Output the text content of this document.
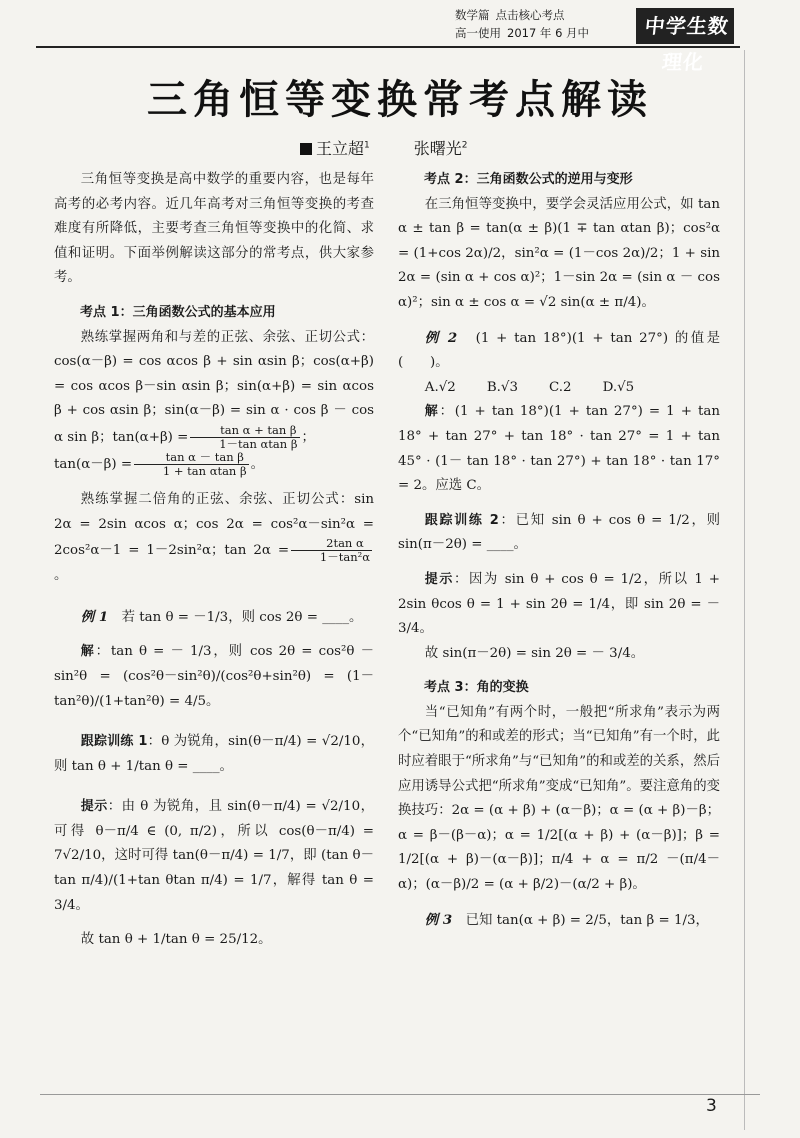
数学篇 点击核心考点
高一使用 2017 年 6 月中	中学生数理化
三角恒等变换常考点解读
王立超$^1$	张曙光$^2$

三角恒等变换是高中数学的重要内容，也是每年高考的必考内容。近几年高考对三角恒等变换的考查难度有所降低，主要考查三角恒等变换中的化简、求值和证明。下面举例解读这部分的常考点，供大家参考。

考点 1：三角函数公式的基本应用

熟练掌握两角和与差的正弦、余弦、正切公式：cos(α－β) = cos αcos β + sin αsin β；cos(α+β) = cos αcos β－sin αsin β；sin(α+β) = sin αcos β + cos αsin β；sin(α－β) = sin α · cos β － cos α sin β；$\tan(\alpha+\beta) = \frac{\text{tan α + tan β}}{\text{1－tan αtan β}}$ ；
$\tan(\alpha-\beta) = \frac{\text{tan α － tan β}}{\text{1 + tan αtan β}}$ 。

熟练掌握二倍角的正弦、余弦、正切公式：sin 2α = 2sin αcos α；cos 2α = cos²α－sin²α = 2cos²α－1 = 1－2sin²α；$\tan 2\alpha = \frac{\text{2tan α}}{\text{1－tan²α}}$
。

例 1　 若 tan θ = －1/3，则 cos 2θ = ____。

解：tan θ = － 1/3，则 cos 2θ = cos²θ － sin²θ = (cos²θ－sin²θ)/(cos²θ+sin²θ) = (1－tan²θ)/(1+tan²θ) = 4/5。

跟踪训练 1：θ 为锐角，sin(θ－π/4) = √2/10，则 tan θ + 1/tan θ = ____。

提示：由 θ 为锐角，且 sin(θ－π/4) = √2/10，可得 θ－π/4 ∈ (0, π/2)，所以 cos(θ－π/4) = 7√2/10，这时可得 tan(θ－π/4) = 1/7，即 (tan θ－tan π/4)/(1+tan θtan π/4) = 1/7，解得 tan θ = 3/4。

故 tan θ + 1/tan θ = 25/12。

考点 2：三角函数公式的逆用与变形

在三角恒等变换中，要学会灵活应用公式，如 tan α ± tan β = tan(α ± β)(1 ∓ tan αtan β)；cos²α = (1+cos 2α)/2，sin²α = (1－cos 2α)/2；1 + sin 2α = (sin α + cos α)²；1－sin 2α = (sin α － cos α)²；sin α ± cos α = √2 sin(α ± π/4)。

例 2　 (1 + tan 18°)(1 + tan 27°) 的值是(　　)。

A.√2　　 B.√3　　 C.2　　 D.√5

解：(1 + tan 18°)(1 + tan 27°) = 1 + tan 18° + tan 27° + tan 18° · tan 27° = 1 + tan 45° · (1－ tan 18° · tan 27°) + tan 18° · tan 17° = 2。应选 C。

跟踪训练 2：已知 sin θ + cos θ = 1/2，则 sin(π－2θ) = ____。

提示：因为 sin θ + cos θ = 1/2，所以 1 + 2sin θcos θ = 1 + sin 2θ = 1/4，即 sin 2θ = －3/4。

故 sin(π－2θ) = sin 2θ = － 3/4。

考点 3：角的变换

当“已知角”有两个时，一般把“所求角”表示为两个“已知角”的和或差的形式；当“已知角”有一个时，此时应着眼于“所求角”与“已知角”的和或差的关系，然后应用诱导公式把“所求角”变成“已知角”。要注意角的变换技巧：2α = (α + β) + (α－β)；α = (α + β)－β；α = β－(β－α)；α = 1/2[(α + β) + (α－β)]；β = 1/2[(α + β)－(α－β)]；π/4 + α = π/2 －(π/4－α)；(α－β)/2 = (α + β/2)－(α/2 + β)。

例 3　 已知 tan(α + β) = 2/5，tan β = 1/3，

3
